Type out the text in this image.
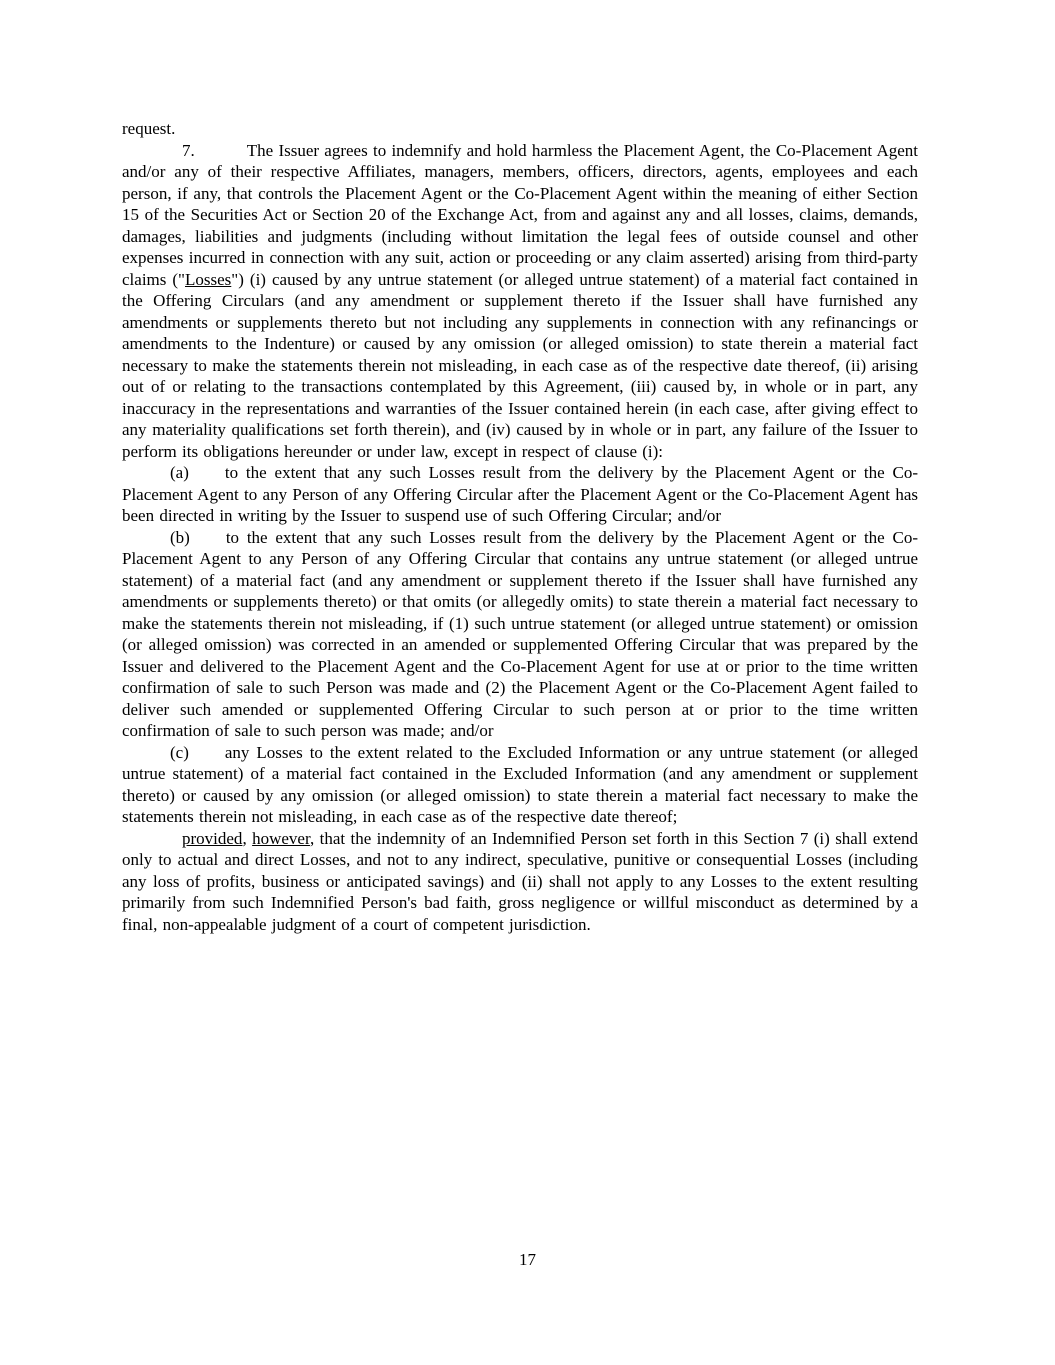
request.

7.	The Issuer agrees to indemnify and hold harmless the Placement Agent, the Co-Placement Agent and/or any of their respective Affiliates, managers, members, officers, directors, agents, employees and each person, if any, that controls the Placement Agent or the Co-Placement Agent within the meaning of either Section 15 of the Securities Act or Section 20 of the Exchange Act, from and against any and all losses, claims, demands, damages, liabilities and judgments (including without limitation the legal fees of outside counsel and other expenses incurred in connection with any suit, action or proceeding or any claim asserted) arising from third-party claims ("Losses") (i) caused by any untrue statement (or alleged untrue statement) of a material fact contained in the Offering Circulars (and any amendment or supplement thereto if the Issuer shall have furnished any amendments or supplements thereto but not including any supplements in connection with any refinancings or amendments to the Indenture) or caused by any omission (or alleged omission) to state therein a material fact necessary to make the statements therein not misleading, in each case as of the respective date thereof, (ii) arising out of or relating to the transactions contemplated by this Agreement, (iii) caused by, in whole or in part, any inaccuracy in the representations and warranties of the Issuer contained herein (in each case, after giving effect to any materiality qualifications set forth therein), and (iv) caused by in whole or in part, any failure of the Issuer to perform its obligations hereunder or under law, except in respect of clause (i):

(a) to the extent that any such Losses result from the delivery by the Placement Agent or the Co-Placement Agent to any Person of any Offering Circular after the Placement Agent or the Co-Placement Agent has been directed in writing by the Issuer to suspend use of such Offering Circular; and/or

(b) to the extent that any such Losses result from the delivery by the Placement Agent or the Co-Placement Agent to any Person of any Offering Circular that contains any untrue statement (or alleged untrue statement) of a material fact (and any amendment or supplement thereto if the Issuer shall have furnished any amendments or supplements thereto) or that omits (or allegedly omits) to state therein a material fact necessary to make the statements therein not misleading, if (1) such untrue statement (or alleged untrue statement) or omission (or alleged omission) was corrected in an amended or supplemented Offering Circular that was prepared by the Issuer and delivered to the Placement Agent and the Co-Placement Agent for use at or prior to the time written confirmation of sale to such Person was made and (2) the Placement Agent or the Co-Placement Agent failed to deliver such amended or supplemented Offering Circular to such person at or prior to the time written confirmation of sale to such person was made; and/or

(c) any Losses to the extent related to the Excluded Information or any untrue statement (or alleged untrue statement) of a material fact contained in the Excluded Information (and any amendment or supplement thereto) or caused by any omission (or alleged omission) to state therein a material fact necessary to make the statements therein not misleading, in each case as of the respective date thereof;

provided, however, that the indemnity of an Indemnified Person set forth in this Section 7 (i) shall extend only to actual and direct Losses, and not to any indirect, speculative, punitive or consequential Losses (including any loss of profits, business or anticipated savings) and (ii) shall not apply to any Losses to the extent resulting primarily from such Indemnified Person's bad faith, gross negligence or willful misconduct as determined by a final, non-appealable judgment of a court of competent jurisdiction.

17
